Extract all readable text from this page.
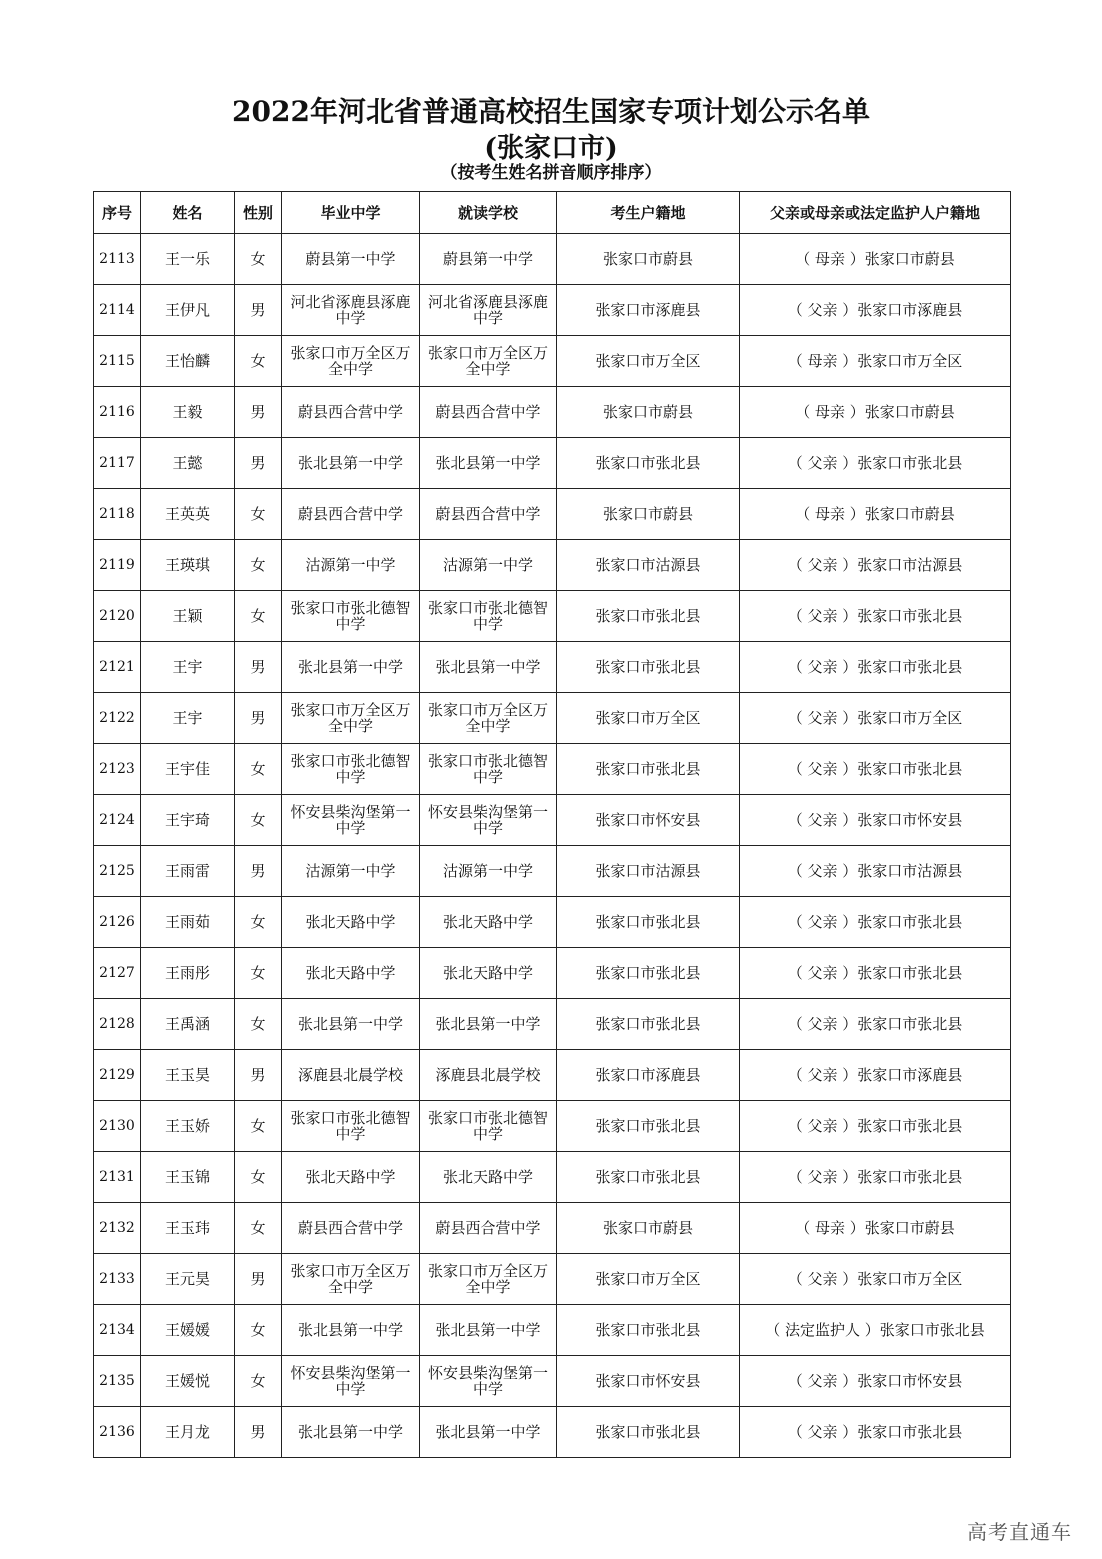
2022年河北省普通高校招生国家专项计划公示名单
(张家口市)
（按考生姓名拼音顺序排序）
序号	姓名	性别	毕业中学	就读学校	考生户籍地	父亲或母亲或法定监护人户籍地
2113	王一乐	女	蔚县第一中学	蔚县第一中学	张家口市蔚县	（ 母亲 ）张家口市蔚县
2114	王伊凡	男	河北省涿鹿县涿鹿中学	河北省涿鹿县涿鹿中学	张家口市涿鹿县	（ 父亲 ）张家口市涿鹿县
2115	王怡麟	女	张家口市万全区万全中学	张家口市万全区万全中学	张家口市万全区	（ 母亲 ）张家口市万全区
2116	王毅	男	蔚县西合营中学	蔚县西合营中学	张家口市蔚县	（ 母亲 ）张家口市蔚县
2117	王懿	男	张北县第一中学	张北县第一中学	张家口市张北县	（ 父亲 ）张家口市张北县
2118	王英英	女	蔚县西合营中学	蔚县西合营中学	张家口市蔚县	（ 母亲 ）张家口市蔚县
2119	王瑛琪	女	沽源第一中学	沽源第一中学	张家口市沽源县	（ 父亲 ）张家口市沽源县
2120	王颖	女	张家口市张北德智中学	张家口市张北德智中学	张家口市张北县	（ 父亲 ）张家口市张北县
2121	王宇	男	张北县第一中学	张北县第一中学	张家口市张北县	（ 父亲 ）张家口市张北县
2122	王宇	男	张家口市万全区万全中学	张家口市万全区万全中学	张家口市万全区	（ 父亲 ）张家口市万全区
2123	王宇佳	女	张家口市张北德智中学	张家口市张北德智中学	张家口市张北县	（ 父亲 ）张家口市张北县
2124	王宇琦	女	怀安县柴沟堡第一中学	怀安县柴沟堡第一中学	张家口市怀安县	（ 父亲 ）张家口市怀安县
2125	王雨雷	男	沽源第一中学	沽源第一中学	张家口市沽源县	（ 父亲 ）张家口市沽源县
2126	王雨茹	女	张北天路中学	张北天路中学	张家口市张北县	（ 父亲 ）张家口市张北县
2127	王雨彤	女	张北天路中学	张北天路中学	张家口市张北县	（ 父亲 ）张家口市张北县
2128	王禹涵	女	张北县第一中学	张北县第一中学	张家口市张北县	（ 父亲 ）张家口市张北县
2129	王玉昊	男	涿鹿县北晨学校	涿鹿县北晨学校	张家口市涿鹿县	（ 父亲 ）张家口市涿鹿县
2130	王玉娇	女	张家口市张北德智中学	张家口市张北德智中学	张家口市张北县	（ 父亲 ）张家口市张北县
2131	王玉锦	女	张北天路中学	张北天路中学	张家口市张北县	（ 父亲 ）张家口市张北县
2132	王玉玮	女	蔚县西合营中学	蔚县西合营中学	张家口市蔚县	（ 母亲 ）张家口市蔚县
2133	王元昊	男	张家口市万全区万全中学	张家口市万全区万全中学	张家口市万全区	（ 父亲 ）张家口市万全区
2134	王媛媛	女	张北县第一中学	张北县第一中学	张家口市张北县	（ 法定监护人 ）张家口市张北县
2135	王媛悦	女	怀安县柴沟堡第一中学	怀安县柴沟堡第一中学	张家口市怀安县	（ 父亲 ）张家口市怀安县
2136	王月龙	男	张北县第一中学	张北县第一中学	张家口市张北县	（ 父亲 ）张家口市张北县
高考直通车
